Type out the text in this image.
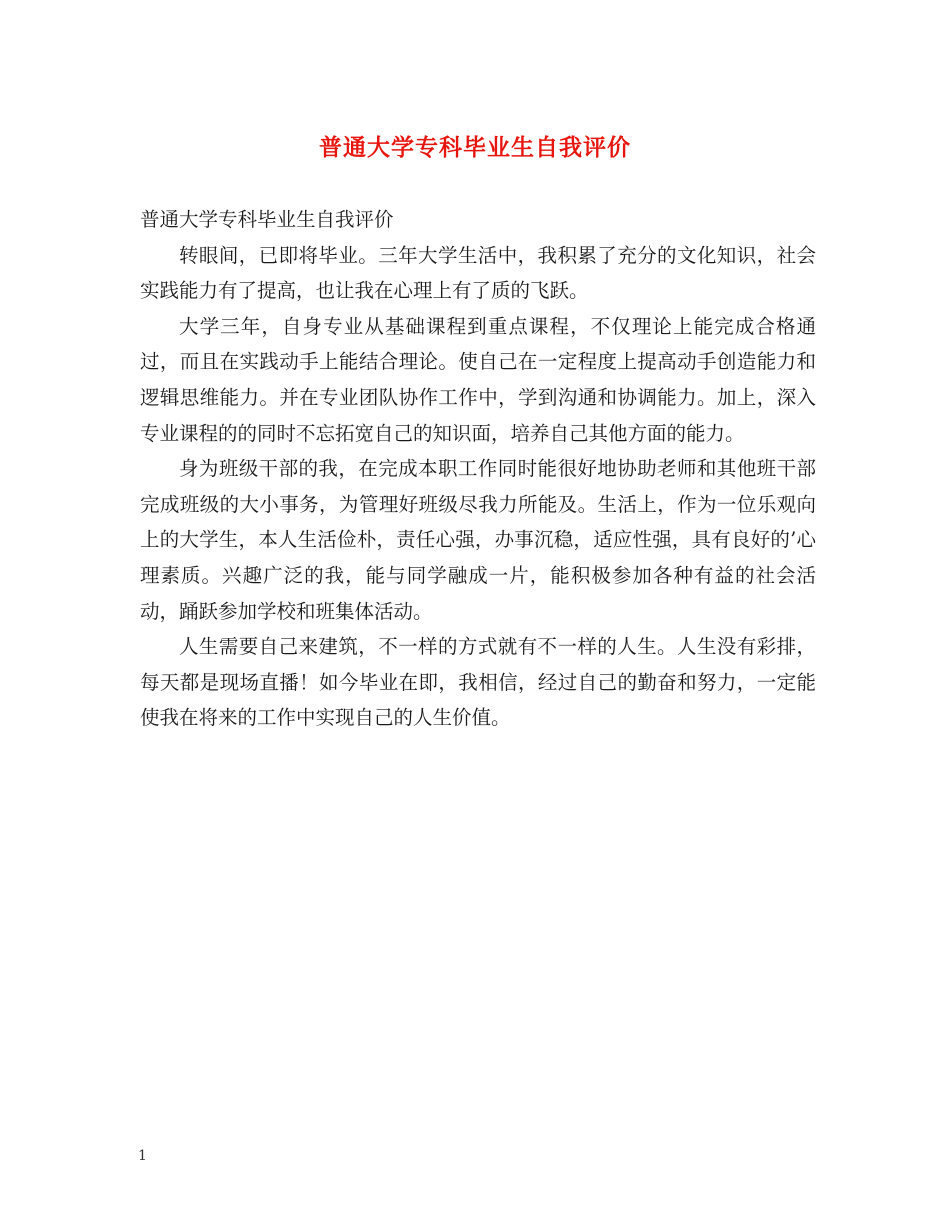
普通大学专科毕业生自我评价

普通大学专科毕业生自我评价

转眼间，已即将毕业。三年大学生活中，我积累了充分的文化知识，社会实践能力有了提高，也让我在心理上有了质的飞跃。

大学三年，自身专业从基础课程到重点课程，不仅理论上能完成合格通过，而且在实践动手上能结合理论。使自己在一定程度上提高动手创造能力和逻辑思维能力。并在专业团队协作工作中，学到沟通和协调能力。加上，深入专业课程的的同时不忘拓宽自己的知识面，培养自己其他方面的能力。

身为班级干部的我，在完成本职工作同时能很好地协助老师和其他班干部完成班级的大小事务，为管理好班级尽我力所能及。生活上，作为一位乐观向上的大学生，本人生活俭朴，责任心强，办事沉稳，适应性强，具有良好的’心理素质。兴趣广泛的我，能与同学融成一片，能积极参加各种有益的社会活动，踊跃参加学校和班集体活动。

人生需要自己来建筑，不一样的方式就有不一样的人生。人生没有彩排，每天都是现场直播！如今毕业在即，我相信，经过自己的勤奋和努力，一定能使我在将来的工作中实现自己的人生价值。

1
